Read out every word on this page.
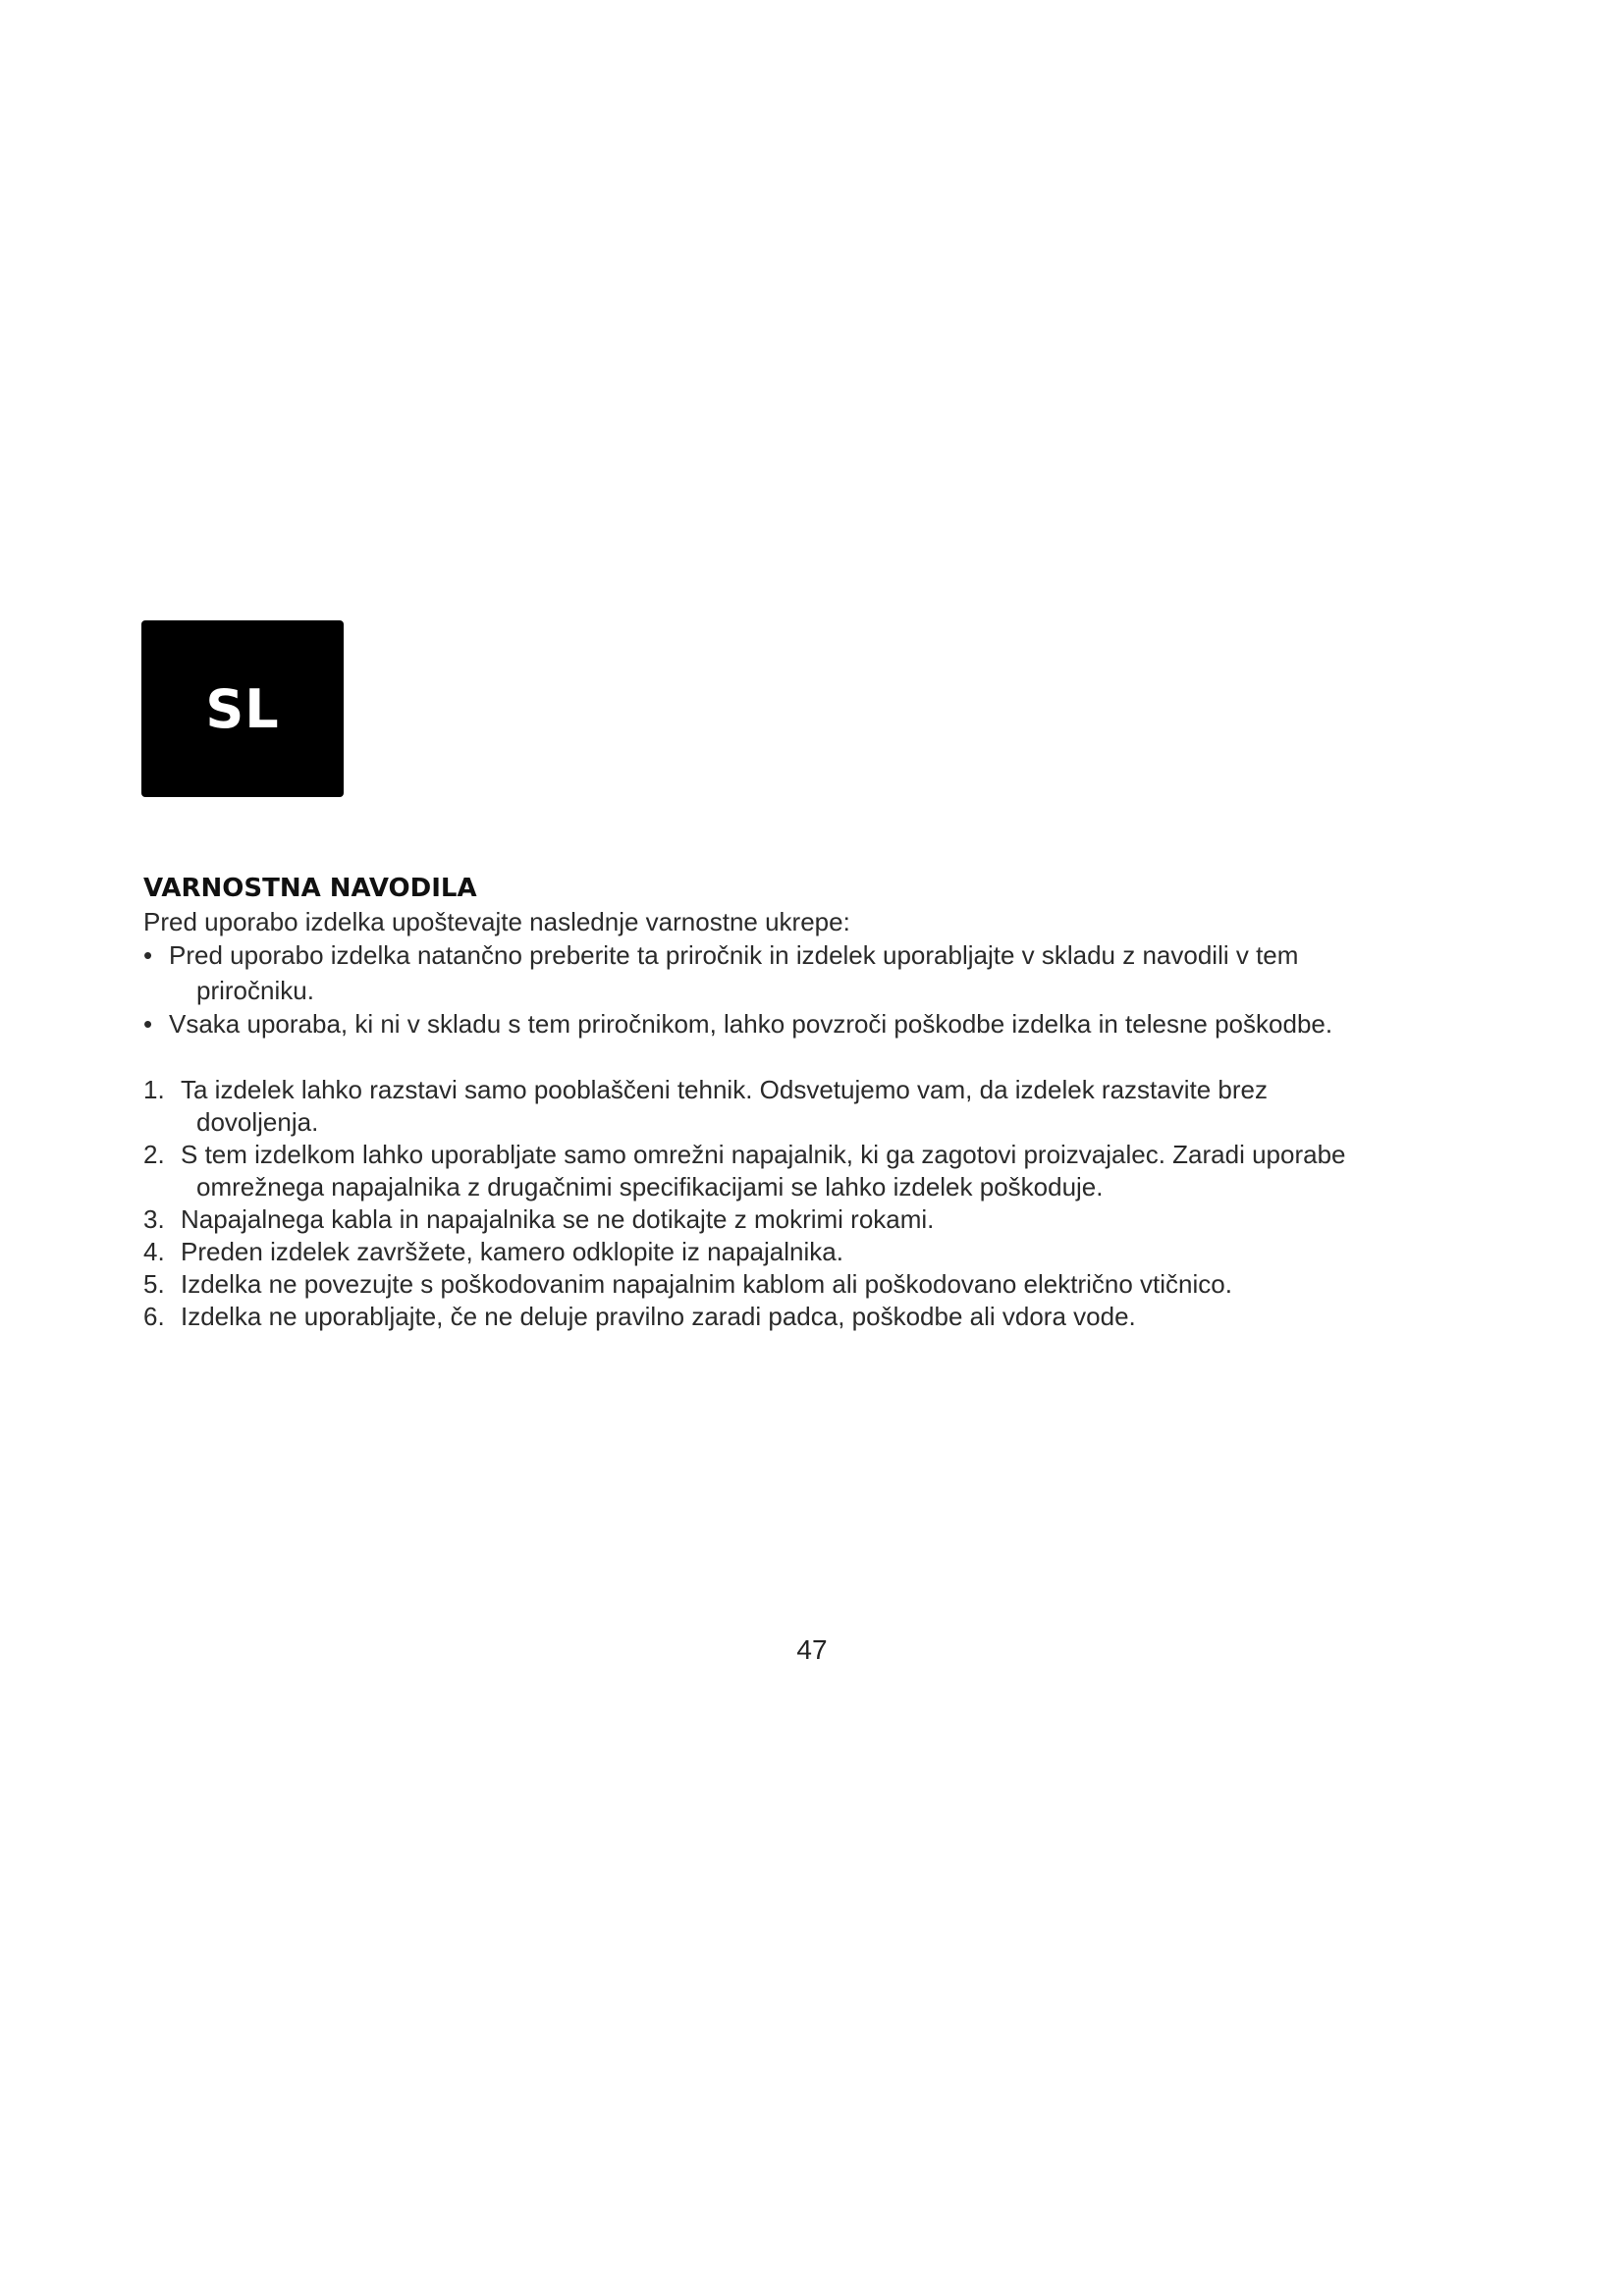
SL

VARNOSTNA NAVODILA

Pred uporabo izdelka upoštevajte naslednje varnostne ukrepe:

• Pred uporabo izdelka natančno preberite ta priročnik in izdelek uporabljajte v skladu z navodili v tem
priročniku.
• Vsaka uporaba, ki ni v skladu s tem priročnikom, lahko povzroči poškodbe izdelka in telesne poškodbe.
1. Ta izdelek lahko razstavi samo pooblaščeni tehnik. Odsvetujemo vam, da izdelek razstavite brez
dovoljenja.
2. S tem izdelkom lahko uporabljate samo omrežni napajalnik, ki ga zagotovi proizvajalec. Zaradi uporabe
omrežnega napajalnika z drugačnimi specifikacijami se lahko izdelek poškoduje.
3. Napajalnega kabla in napajalnika se ne dotikajte z mokrimi rokami.
4. Preden izdelek završžete, kamero odklopite iz napajalnika.
5. Izdelka ne povezujte s poškodovanim napajalnim kablom ali poškodovano električno vtičnico.
6. Izdelka ne uporabljajte, če ne deluje pravilno zaradi padca, poškodbe ali vdora vode.
47
